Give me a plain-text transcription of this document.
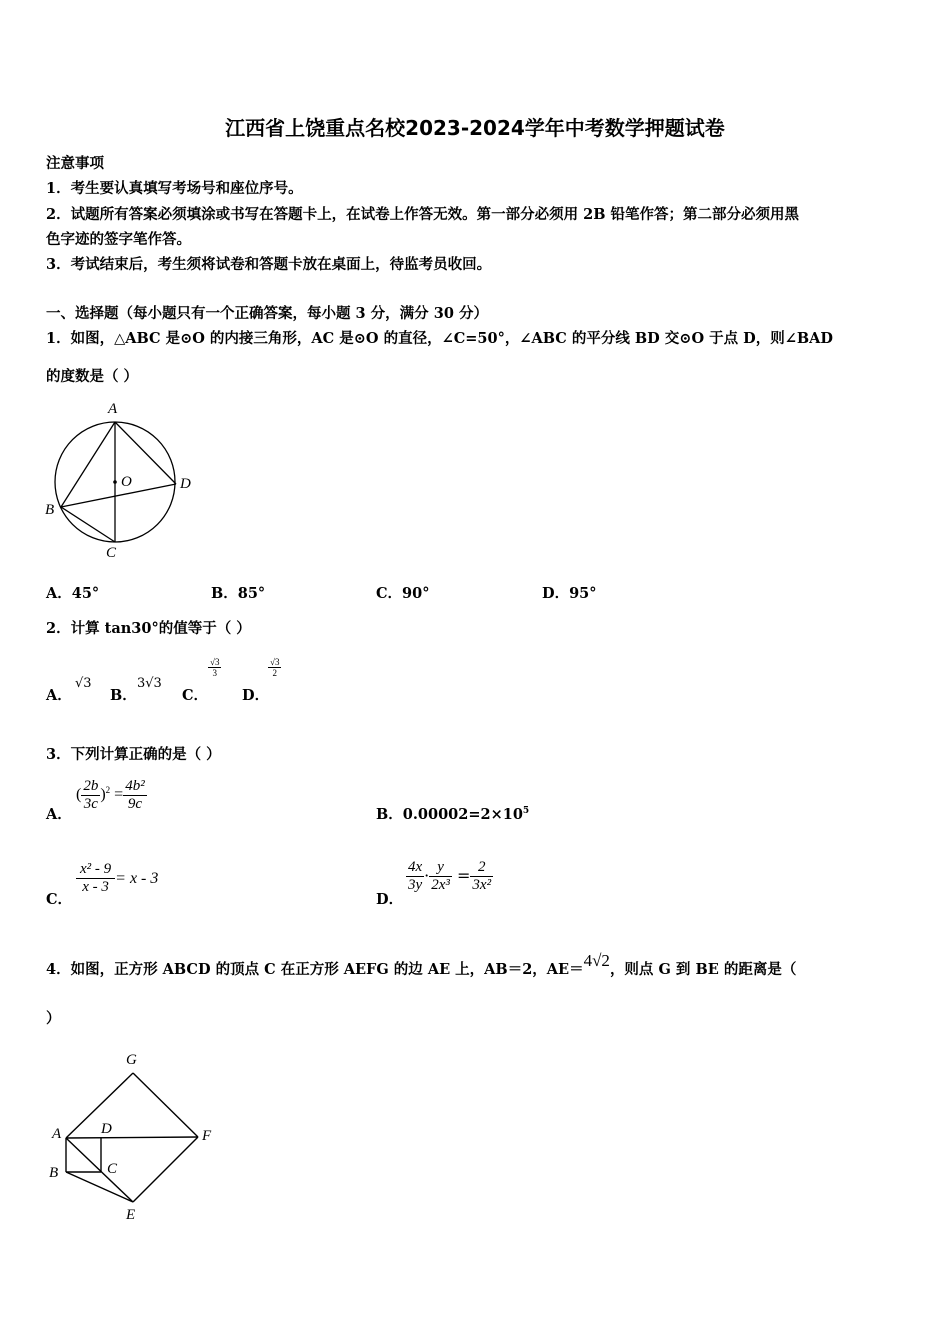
江西省上饶重点名校2023-2024学年中考数学押题试卷
注意事项
1．考生要认真填写考场号和座位序号。
2．试题所有答案必须填涂或书写在答题卡上，在试卷上作答无效。第一部分必须用 2B 铅笔作答；第二部分必须用黑
色字迹的签字笔作答。
3．考试结束后，考生须将试卷和答题卡放在桌面上，待监考员收回。
一、选择题（每小题只有一个正确答案，每小题 3 分，满分 30 分）
1．如图，△ABC 是⊙O 的内接三角形，AC 是⊙O 的直径，∠C=50°，∠ABC 的平分线 BD 交⊙O 于点 D，则∠BAD
的度数是（ ）
A
O	D
B
C
A．45°	B．85°	C．90°	D．95°
2．计算 tan30°的值等于（ ）
A．
√3
B．
3√3
C．
$\frac{√3}{3}$
D．
$\frac{√3}{2}$
3．下列计算正确的是（ ）
A．
( $\frac{2b}{3c} )^2 = \frac{\text{4b²}}{9c}$
B．$0.00002=2\times 10^5$
C．
$\frac{\text{x² - 9}}{x - 3} = x - 3$
D．
$\frac{4x}{3y} \cdot \frac{y}{\text{2x³}} = \frac{2}{\text{3x²}}$
4．如图，正方形 ABCD 的顶点 C 在正方形 AEFG 的边 AE 上，AB＝2，AE＝4√2，则点 G 到 BE 的距离是（
）
G
A	D	F
B	C
E
